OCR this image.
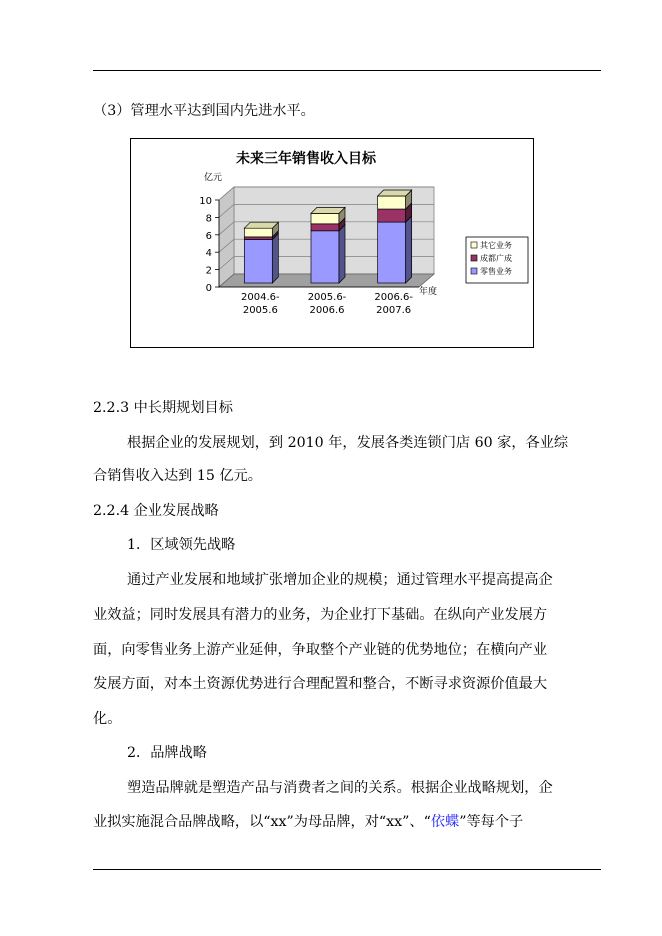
（3）管理水平达到国内先进水平。
未来三年销售收入目标
0
2
4
6
8
10
亿元
2004.6-
2005.6
2005.6-
2006.6
2006.6-
2007.6
年度
其它业务
成都广成
零售业务
2.2.3 中长期规划目标
根据企业的发展规划，到 2010 年，发展各类连锁门店 60 家，各业综
合销售收入达到 15 亿元。
2.2.4 企业发展战略
1．区域领先战略
通过产业发展和地域扩张增加企业的规模；通过管理水平提高提高企
业效益；同时发展具有潜力的业务，为企业打下基础。在纵向产业发展方
面，向零售业务上游产业延伸，争取整个产业链的优势地位；在横向产业
发展方面，对本土资源优势进行合理配置和整合，不断寻求资源价值最大
化。
2．品牌战略
塑造品牌就是塑造产品与消费者之间的关系。根据企业战略规划，企
业拟实施混合品牌战略，以“xx”为母品牌，对“xx”、“依蝶”等每个子
